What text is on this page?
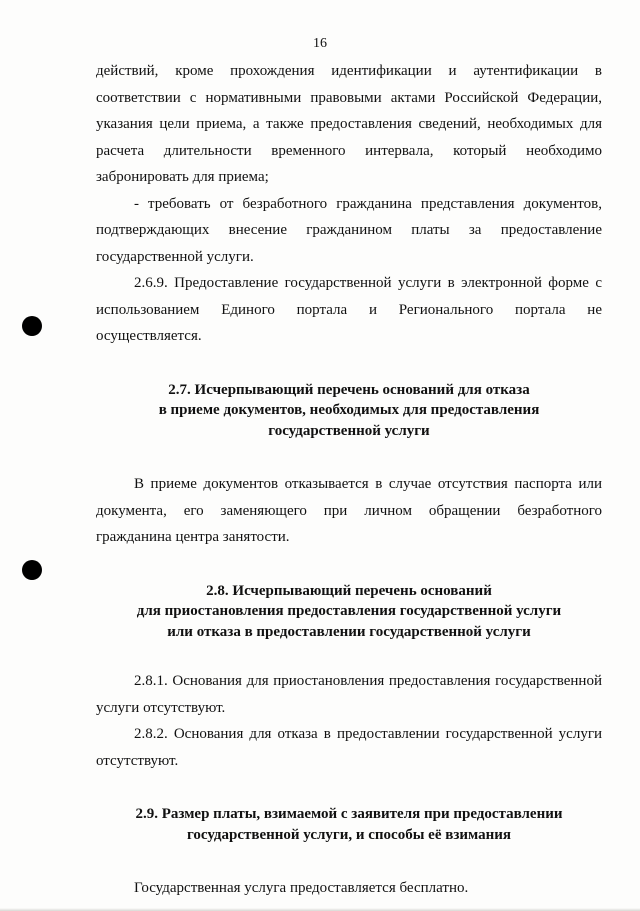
16

действий, кроме прохождения идентификации и аутентификации в соответствии с нормативными правовыми актами Российской Федерации, указания цели приема, а также предоставления сведений, необходимых для расчета длительности временного интервала, который необходимо забронировать для приема;

- требовать от безработного гражданина представления документов, подтверждающих внесение гражданином платы за предоставление государственной услуги.

2.6.9. Предоставление государственной услуги в электронной форме с использованием Единого портала и Регионального портала не осуществляется.

2.7. Исчерпывающий перечень оснований для отказа
в приеме документов, необходимых для предоставления
государственной услуги

В приеме документов отказывается в случае отсутствия паспорта или документа, его заменяющего при личном обращении безработного гражданина центра занятости.

2.8. Исчерпывающий перечень оснований
для приостановления предоставления государственной услуги
или отказа в предоставлении государственной услуги

2.8.1. Основания для приостановления предоставления государственной услуги отсутствуют.

2.8.2. Основания для отказа в предоставлении государственной услуги отсутствуют.

2.9. Размер платы, взимаемой с заявителя при предоставлении
государственной услуги, и способы её взимания

Государственная услуга предоставляется бесплатно.
